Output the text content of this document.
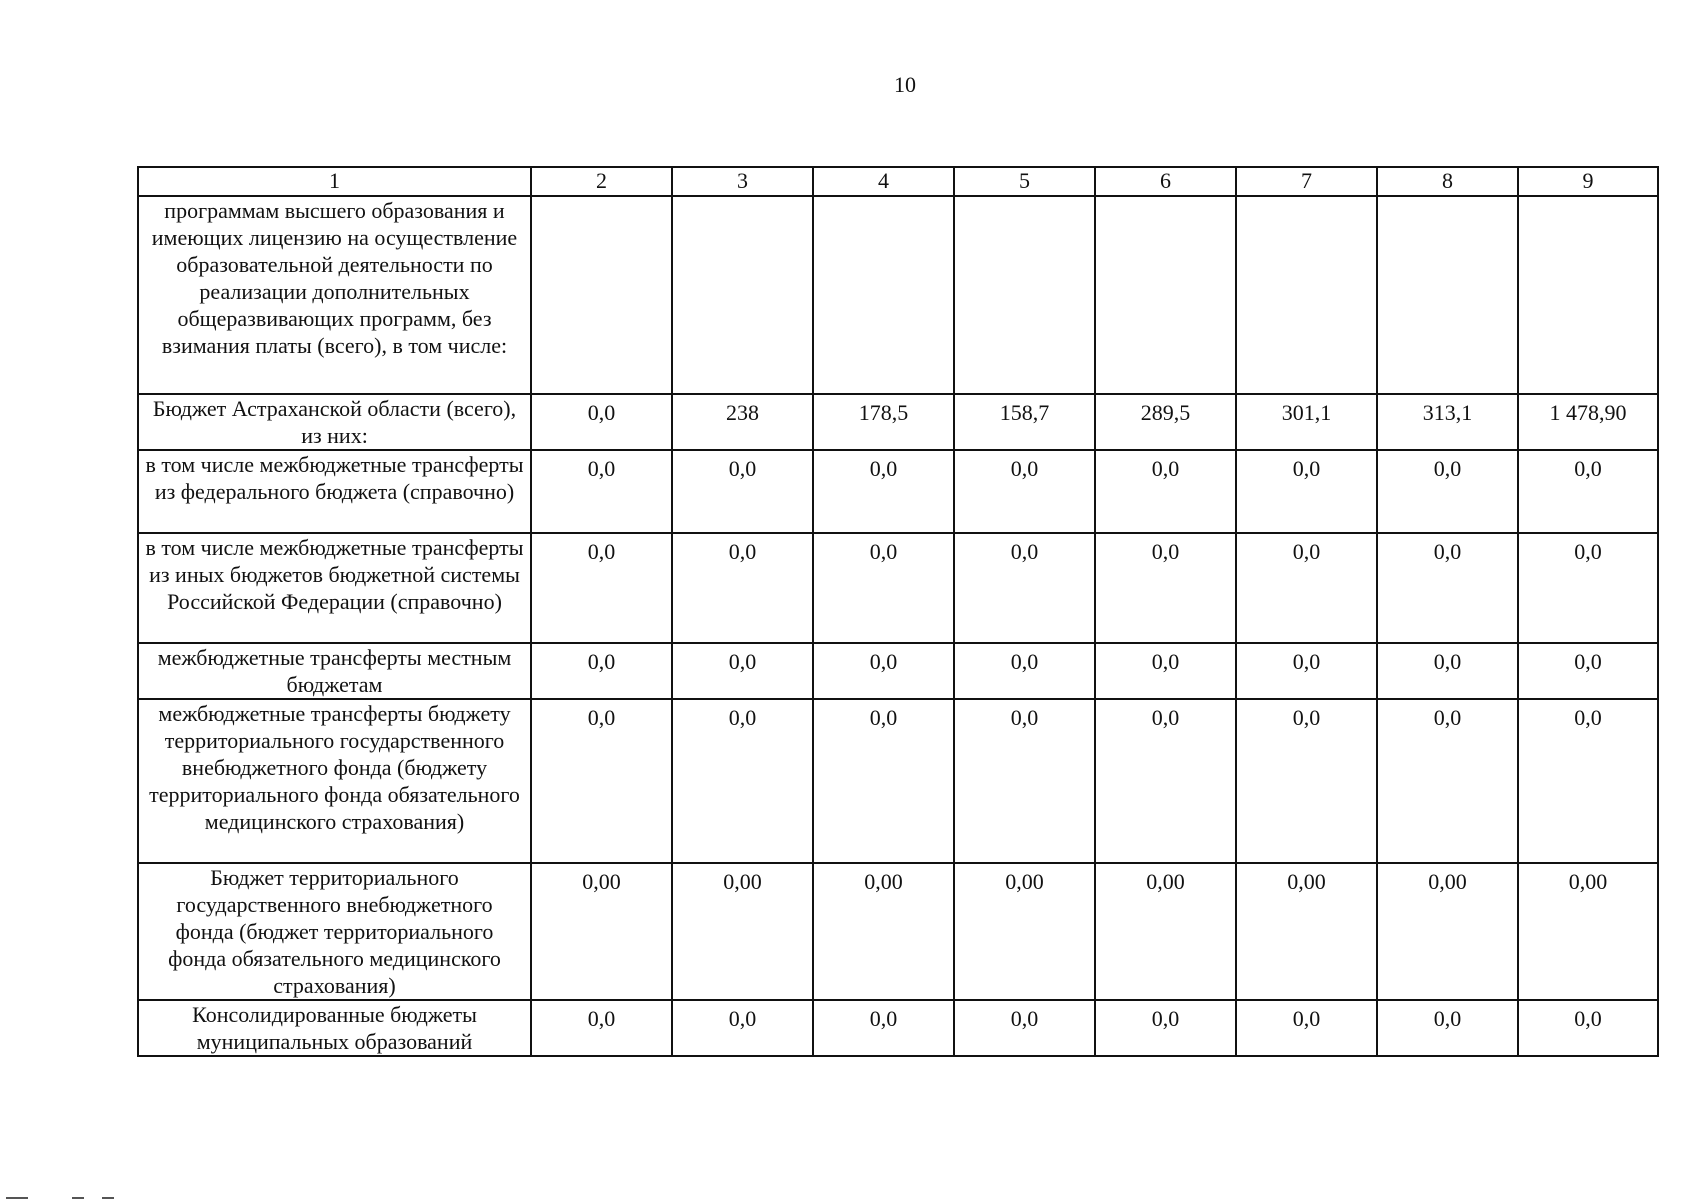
10
1	2	3	4	5	6	7	8	9
программам высшего образования и имеющих лицензию на осуществление образовательной деятельности по реализации дополнительных общеразвивающих программ, без взимания платы (всего), в том числе:								
Бюджет Астраханской области (всего), из них:	0,0	238	178,5	158,7	289,5	301,1	313,1	1 478,90
в том числе межбюджетные трансферты из федерального бюджета (справочно)	0,0	0,0	0,0	0,0	0,0	0,0	0,0	0,0
в том числе межбюджетные трансферты из иных бюджетов бюджетной системы Российской Федерации (справочно)	0,0	0,0	0,0	0,0	0,0	0,0	0,0	0,0
межбюджетные трансферты местным бюджетам	0,0	0,0	0,0	0,0	0,0	0,0	0,0	0,0
межбюджетные трансферты бюджету территориального государственного внебюджетного фонда (бюджету территориального фонда обязательного медицинского страхования)	0,0	0,0	0,0	0,0	0,0	0,0	0,0	0,0
Бюджет территориального государственного внебюджетного фонда (бюджет территориального фонда обязательного медицинского страхования)	0,00	0,00	0,00	0,00	0,00	0,00	0,00	0,00
Консолидированные бюджеты муниципальных образований	0,0	0,0	0,0	0,0	0,0	0,0	0,0	0,0
